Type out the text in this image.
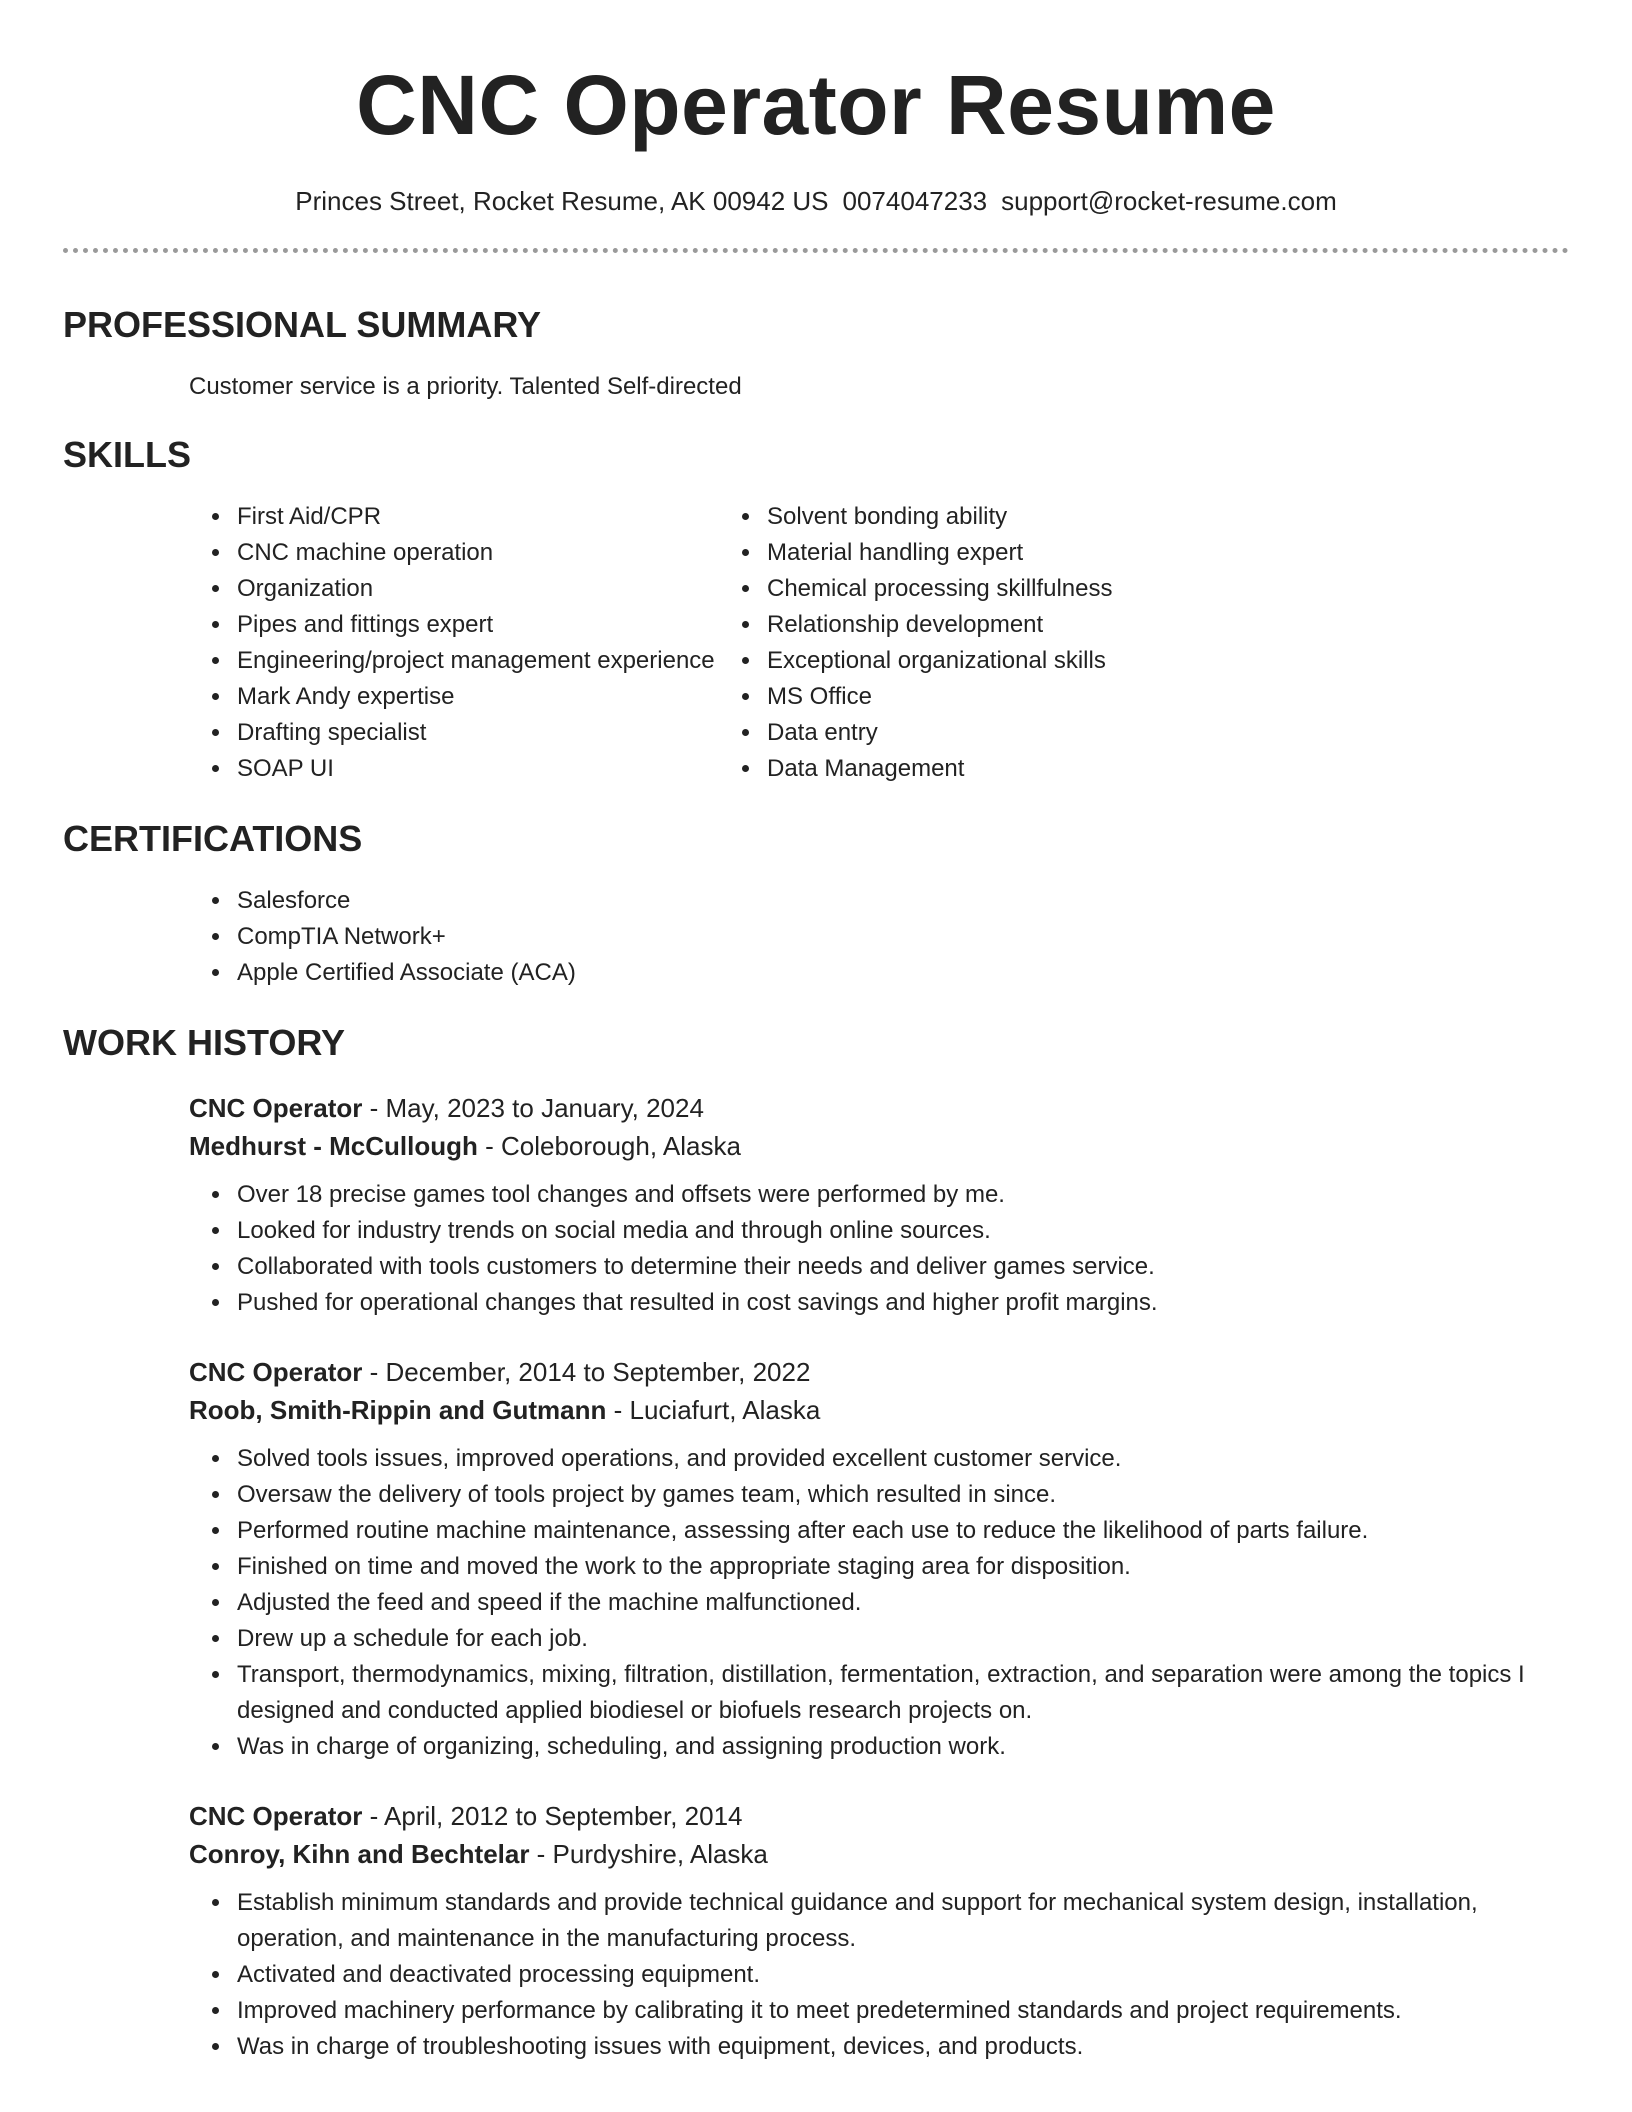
CNC Operator Resume
Princes Street, Rocket Resume, AK 00942 US 0074047233 support@rocket-resume.com
PROFESSIONAL SUMMARY
Customer service is a priority. Talented Self-directed
SKILLS
• First Aid/CPR
• CNC machine operation
• Organization
• Pipes and fittings expert
• Engineering/project management experience
• Mark Andy expertise
• Drafting specialist
• SOAP UI
• Solvent bonding ability
• Material handling expert
• Chemical processing skillfulness
• Relationship development
• Exceptional organizational skills
• MS Office
• Data entry
• Data Management
CERTIFICATIONS
• Salesforce
• CompTIA Network+
• Apple Certified Associate (ACA)
WORK HISTORY
CNC Operator - May, 2023 to January, 2024
Medhurst - McCullough - Coleborough, Alaska
• Over 18 precise games tool changes and offsets were performed by me.
• Looked for industry trends on social media and through online sources.
• Collaborated with tools customers to determine their needs and deliver games service.
• Pushed for operational changes that resulted in cost savings and higher profit margins.
CNC Operator - December, 2014 to September, 2022
Roob, Smith-Rippin and Gutmann - Luciafurt, Alaska
• Solved tools issues, improved operations, and provided excellent customer service.
• Oversaw the delivery of tools project by games team, which resulted in since.
• Performed routine machine maintenance, assessing after each use to reduce the likelihood of parts failure.
• Finished on time and moved the work to the appropriate staging area for disposition.
• Adjusted the feed and speed if the machine malfunctioned.
• Drew up a schedule for each job.
• Transport, thermodynamics, mixing, filtration, distillation, fermentation, extraction, and separation were among the topics I designed and conducted applied biodiesel or biofuels research projects on.
• Was in charge of organizing, scheduling, and assigning production work.
CNC Operator - April, 2012 to September, 2014
Conroy, Kihn and Bechtelar - Purdyshire, Alaska
• Establish minimum standards and provide technical guidance and support for mechanical system design, installation, operation, and maintenance in the manufacturing process.
• Activated and deactivated processing equipment.
• Improved machinery performance by calibrating it to meet predetermined standards and project requirements.
• Was in charge of troubleshooting issues with equipment, devices, and products.
